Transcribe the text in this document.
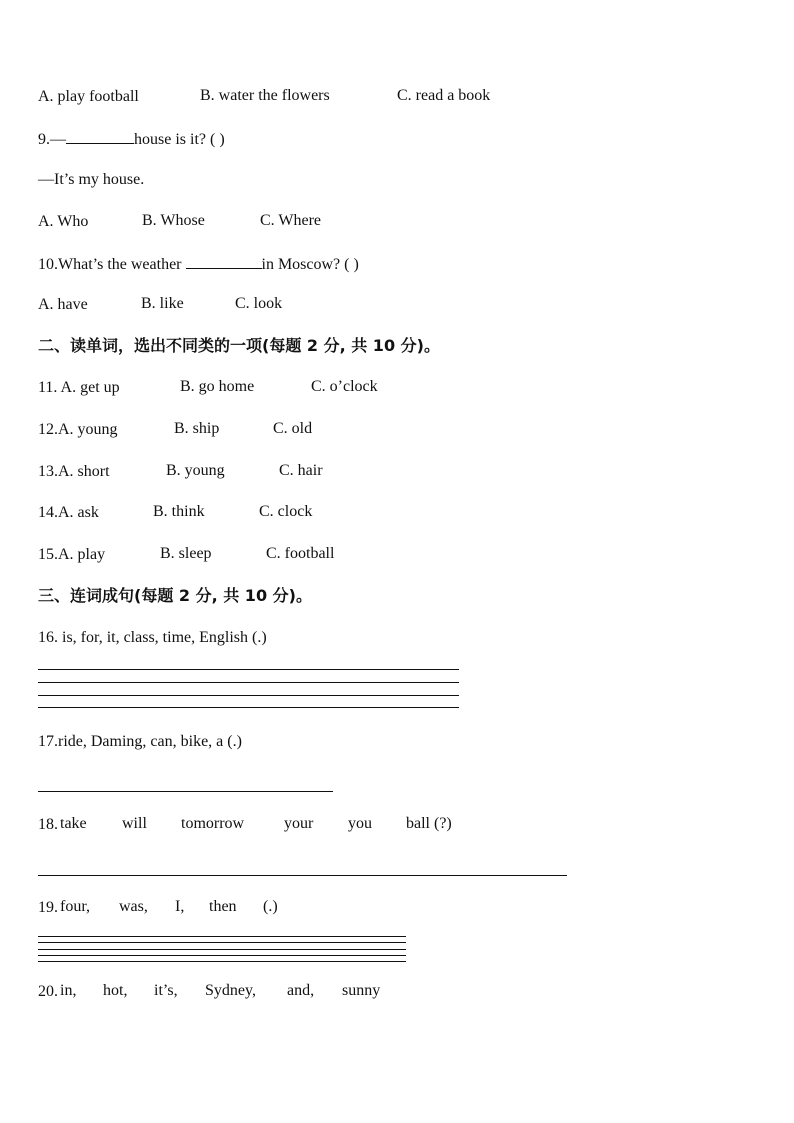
A. play football	B. water the flowers	C. read a book
9.—	house is it? ( )
—It’s my house.
A. Who	B. Whose	C. Where
10.What’s the weather	in Moscow? ( )
A. have	B. like	C. look
二、读单词，选出不同类的一项(每题 2 分, 共 10 分)。
11. A. get up	B. go home	C. o’clock
12.A. young	B. ship	C. old
13.A. short	B. young	C. hair
14.A. ask	B. think	C. clock
15.A. play	B. sleep	C. football
三、连词成句(每题 2 分, 共 10 分)。
16. is, for, it, class, time, English (.)
17.ride, Daming, can, bike, a (.)
18. take will tomorrow your you ball (?)
19. four, was, I, then (.)
20. in, hot, it’s, Sydney, and, sunny
